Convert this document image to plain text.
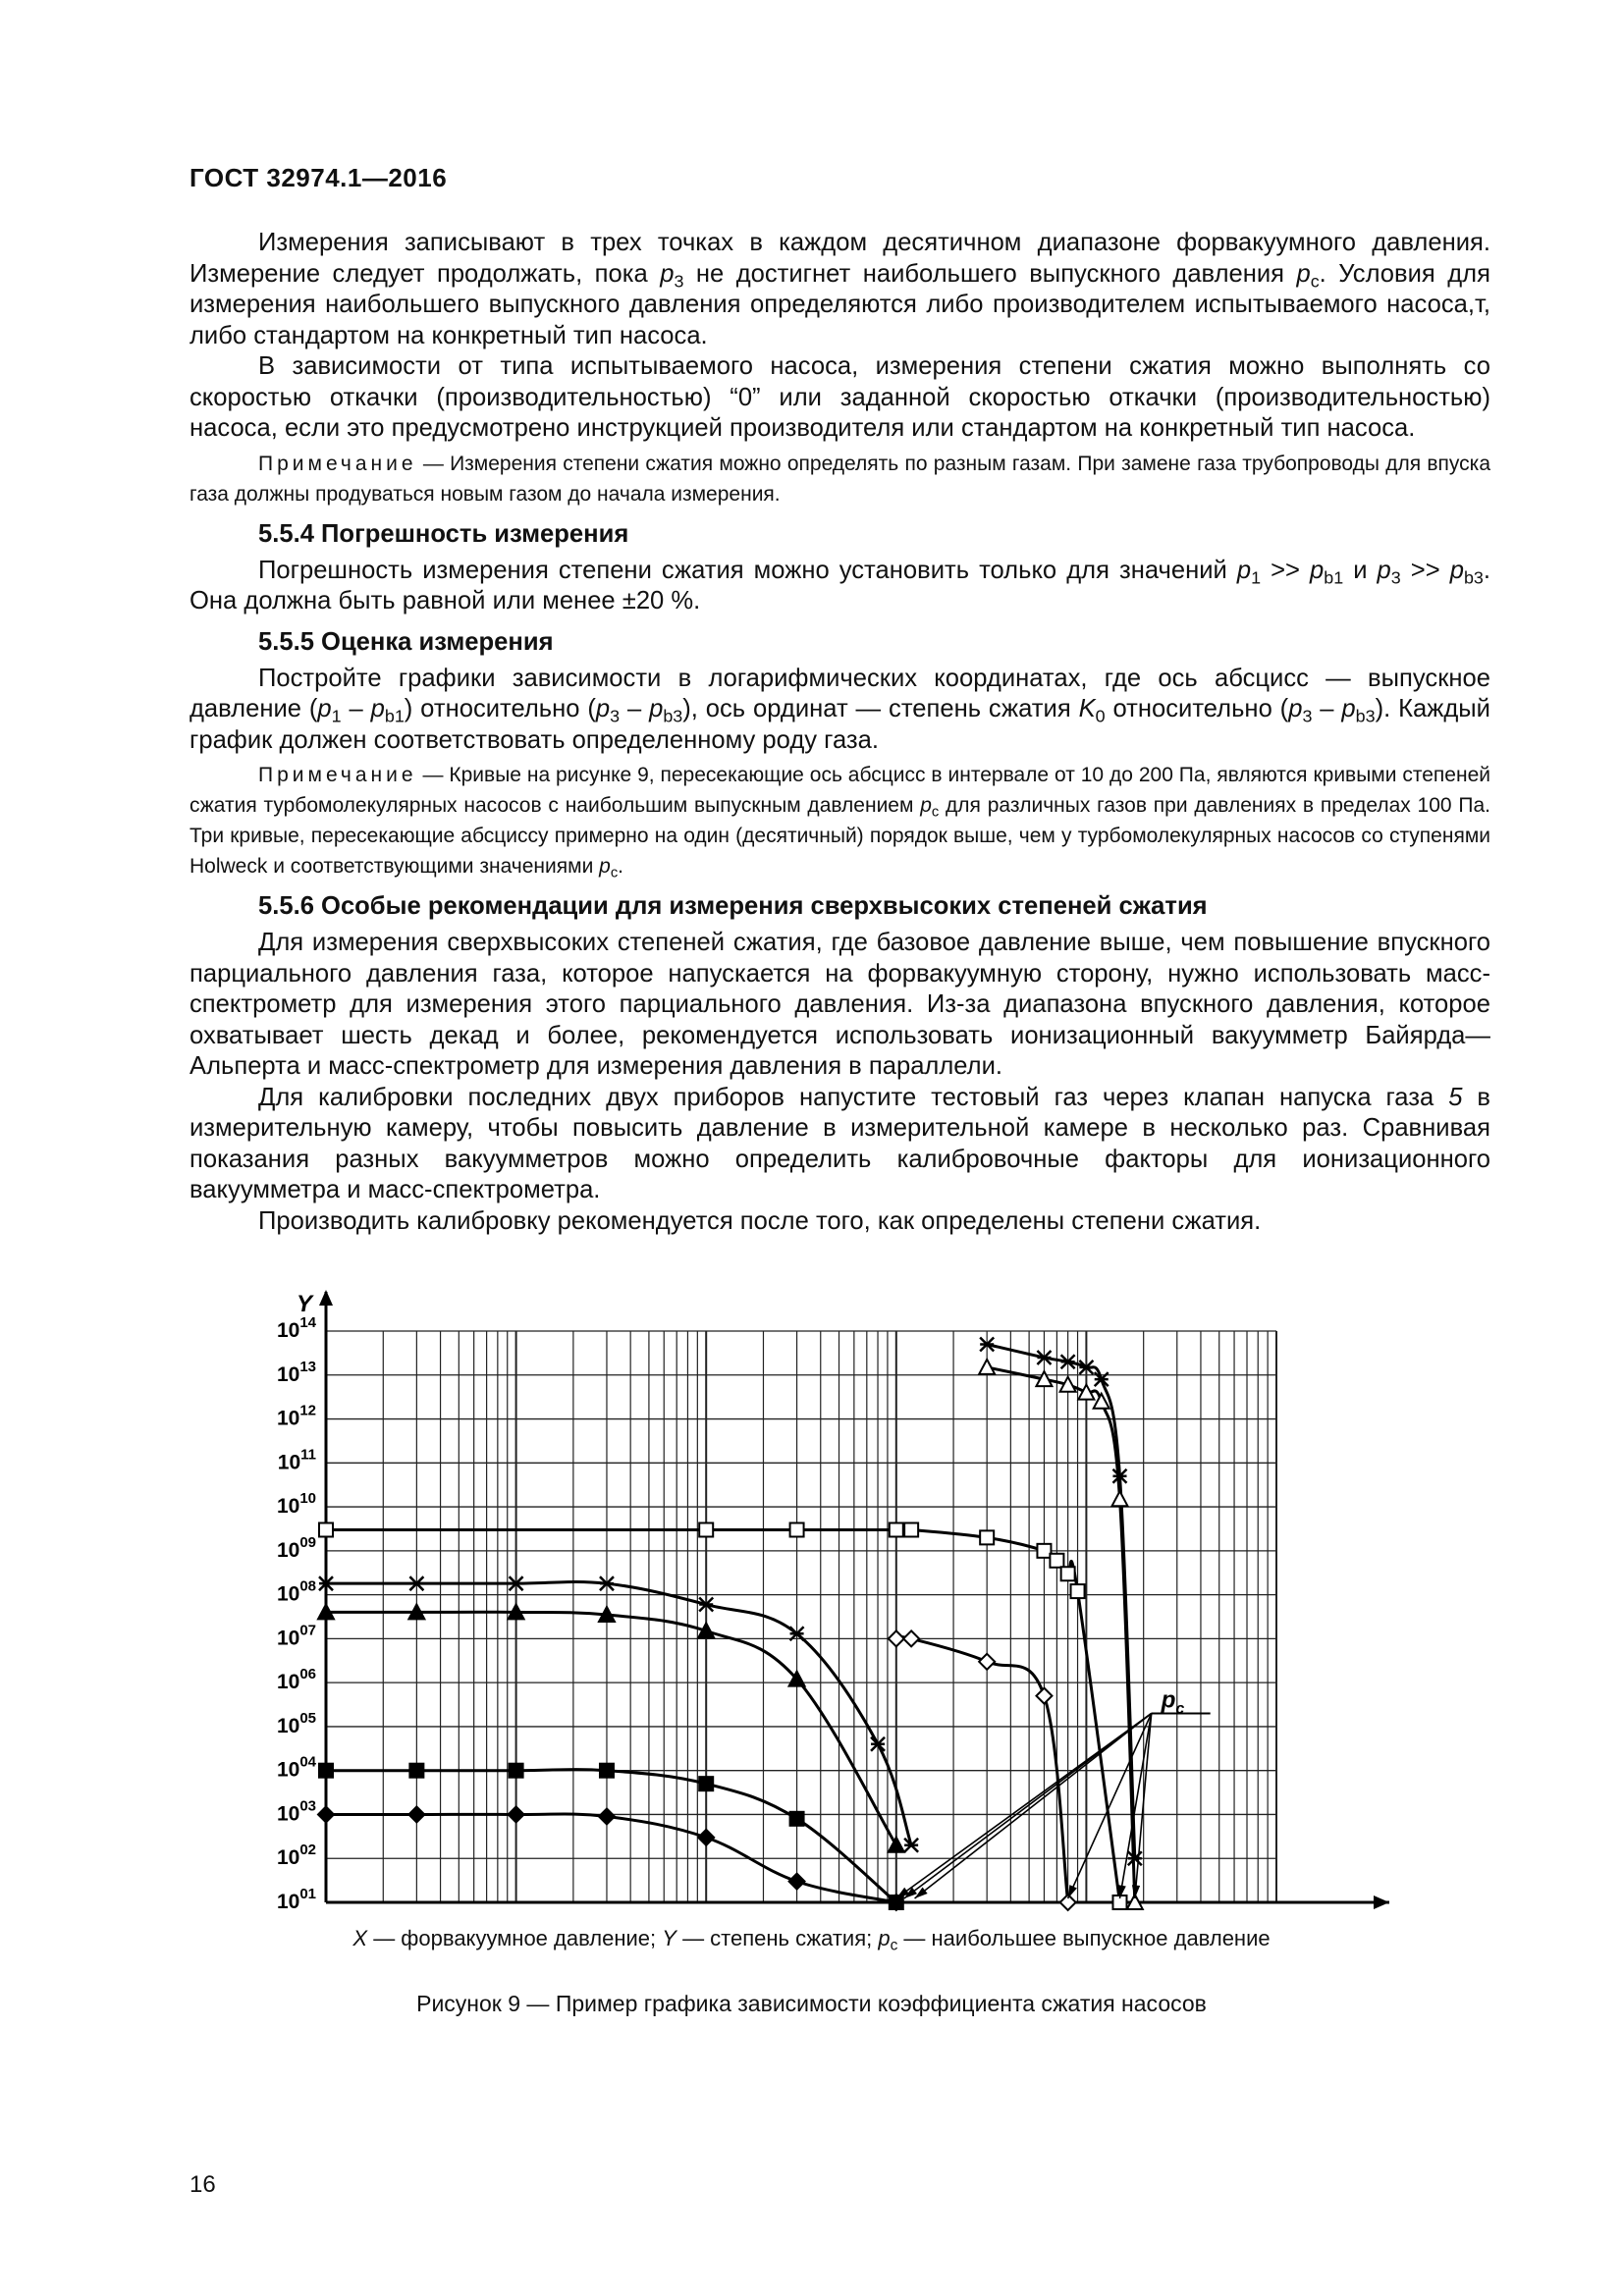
ГОСТ 32974.1—2016

Измерения записывают в трех точках в каждом десятичном диапазоне форвакуумного давления. Измерение следует продолжать, пока $p_3$ не достигнет наибольшего выпускного давления $p_c$. Условия для измерения наибольшего выпускного давления определяются либо производителем испытываемого насоса,т, либо стандартом на конкретный тип насоса.

В зависимости от типа испытываемого насоса, измерения степени сжатия можно выполнять со скоростью откачки (производительностью) “0” или заданной скоростью откачки (производительностью) насоса, если это предусмотрено инструкцией производителя или стандартом на конкретный тип насоса.

Примечание — Измерения степени сжатия можно определять по разным газам. При замене газа трубопроводы для впуска газа должны продуваться новым газом до начала измерения.

5.5.4 Погрешность измерения

Погрешность измерения степени сжатия можно установить только для значений $p_1 >> p_{b1}$ и $p_3 >> p_{b3}$. Она должна быть равной или менее ±20 %.

5.5.5 Оценка измерения

Постройте графики зависимости в логарифмических координатах, где ось абсцисс — выпускное давление $(p_1 - p_{b1})$ относительно $(p_3 - p_{b3})$, ось ординат — степень сжатия $K_0$ относительно $(p_3 - p_{b3})$. Каждый график должен соответствовать определенному роду газа.

Примечание — Кривые на рисунке 9, пересекающие ось абсцисс в интервале от 10 до 200 Па, являются кривыми степеней сжатия турбомолекулярных насосов с наибольшим выпускным давлением $p_c$ для различных газов при давлениях в пределах 100 Па. Три кривые, пересекающие абсциссу примерно на один (десятичный) порядок выше, чем у турбомолекулярных насосов со ступенями Holweck и соответствующими значениями $p_c$.

5.5.6 Особые рекомендации для измерения сверхвысоких степеней сжатия

Для измерения сверхвысоких степеней сжатия, где базовое давление выше, чем повышение впускного парциального давления газа, которое напускается на форвакуумную сторону, нужно использовать масс-спектрометр для измерения этого парциального давления. Из-за диапазона впускного давления, которое охватывает шесть декад и более, рекомендуется использовать ионизационный вакуумметр Байярда—Альперта и масс-спектрометр для измерения давления в параллели.

Для калибровки последних двух приборов напустите тестовый газ через клапан напуска газа 5 в измерительную камеру, чтобы повысить давление в измерительной камере в несколько раз. Сравнивая показания разных вакуумметров можно определить калибровочные факторы для ионизационного вакуумметра и масс-спектрометра.

Производить калибровку рекомендуется после того, как определены степени сжатия.

$10^{01}$
$10^{02}$
$10^{03}$
$10^{04}$
$10^{05}$
$10^{06}$
$10^{07}$
$10^{08}$
$10^{09}$
$10^{10}$
$10^{11}$
$10^{12}$
$10^{13}$
$10^{14}$
Y
$p_c$
X — форвакуумное давление; Y — степень сжатия; $p_c$ — наибольшее выпускное давление
Рисунок 9 — Пример графика зависимости коэффициента сжатия насосов
16
